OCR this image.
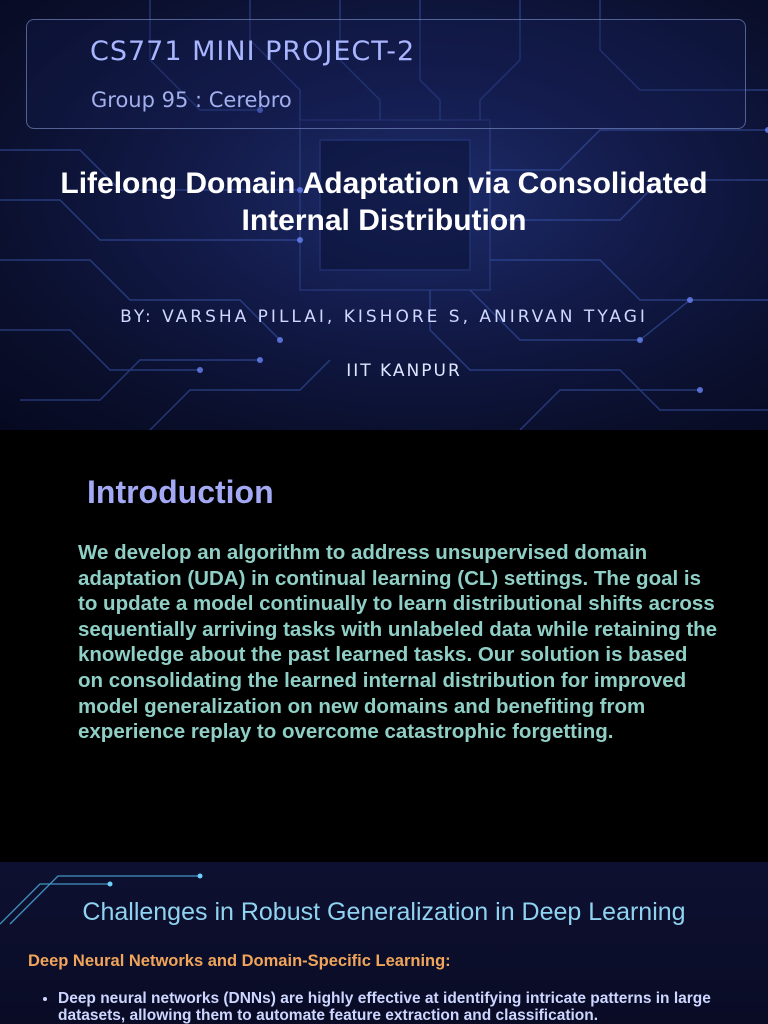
CS771 MINI PROJECT-2

Group 95 : Cerebro

Lifelong Domain Adaptation via Consolidated
Internal Distribution
BY: VARSHA PILLAI, KISHORE S, ANIRVAN TYAGI
IIT KANPUR
Introduction

We develop an algorithm to address unsupervised domain adaptation (UDA) in continual learning (CL) settings. The goal is to update a model continually to learn distributional shifts across sequentially arriving tasks with unlabeled data while retaining the knowledge about the past learned tasks. Our solution is based on consolidating the learned internal distribution for improved model generalization on new domains and benefiting from experience replay to overcome catastrophic forgetting.

Challenges in Robust Generalization in Deep Learning
Deep Neural Networks and Domain-Specific Learning:
• Deep neural networks (DNNs) are highly effective at identifying intricate patterns in large datasets, allowing them to automate feature extraction and classification.
